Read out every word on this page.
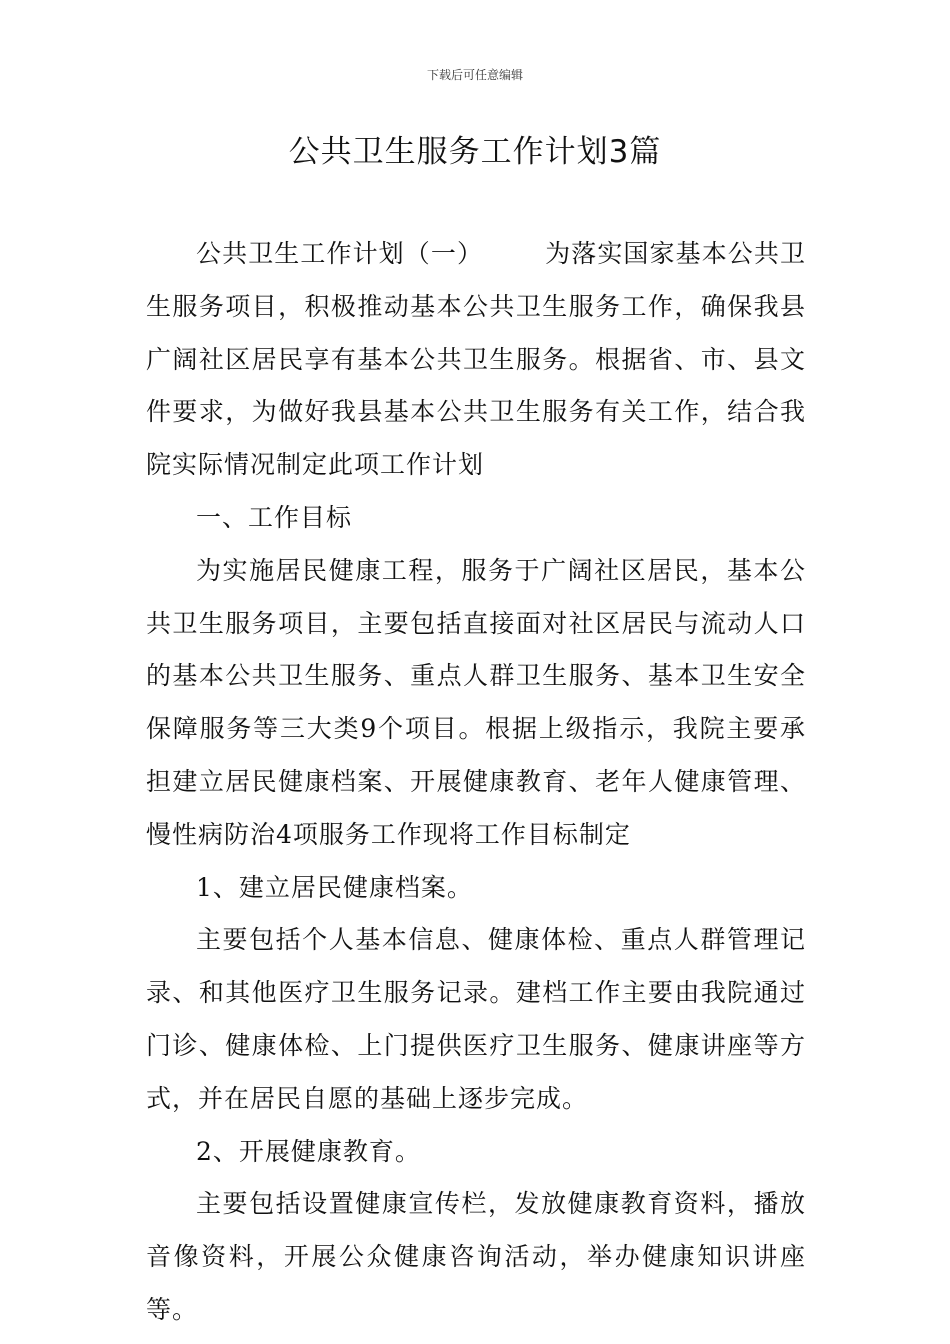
下载后可任意编辑
公共卫生服务工作计划3篇

公共卫生工作计划（一） 为落实国家基本公共卫生服务项目，积极推动基本公共卫生服务工作，确保我县广阔社区居民享有基本公共卫生服务。根据省、市、县文件要求，为做好我县基本公共卫生服务有关工作，结合我院实际情况制定此项工作计划

一、工作目标

为实施居民健康工程，服务于广阔社区居民，基本公共卫生服务项目，主要包括直接面对社区居民与流动人口的基本公共卫生服务、重点人群卫生服务、基本卫生安全保障服务等三大类9个项目。根据上级指示，我院主要承担建立居民健康档案、开展健康教育、老年人健康管理、慢性病防治4项服务工作现将工作目标制定

1、建立居民健康档案。

主要包括个人基本信息、健康体检、重点人群管理记录、和其他医疗卫生服务记录。建档工作主要由我院通过门诊、健康体检、上门提供医疗卫生服务、健康讲座等方式，并在居民自愿的基础上逐步完成。

2、开展健康教育。

主要包括设置健康宣传栏，发放健康教育资料，播放音像资料，开展公众健康咨询活动，举办健康知识讲座等。
